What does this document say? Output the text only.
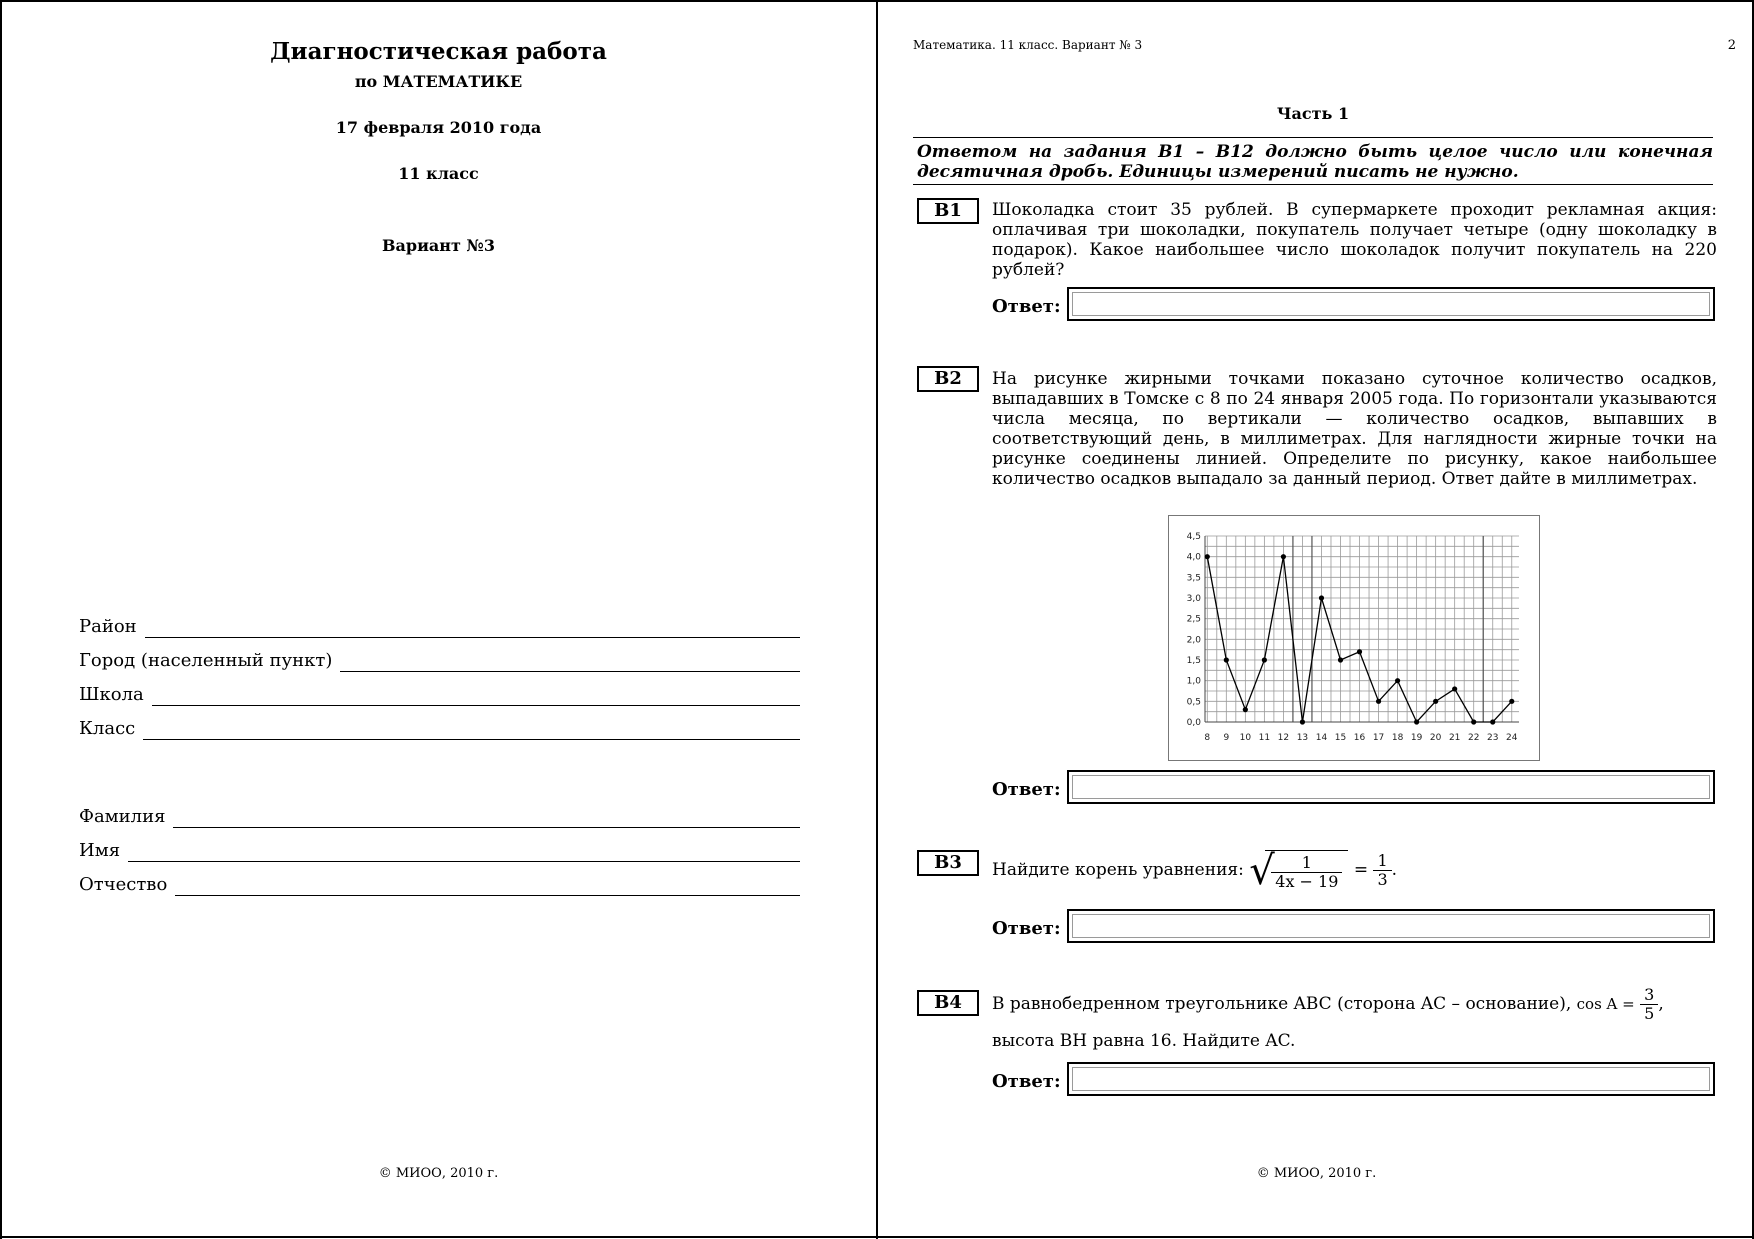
Диагностическая работа
по МАТЕМАТИКЕ
17 февраля 2010 года
11 класс
Вариант №3
Район
Город (населенный пункт)
Школа
Класс
Фамилия
Имя
Отчество
© МИОО, 2010 г.
Математика. 11 класс. Вариант № 3	2
Часть 1
Ответом на задания B1 – B12 должно быть целое число или конечная десятичная дробь. Единицы измерений писать не нужно.
B1	Шоколадка стоит 35 рублей. В супермаркете проходит рекламная акция: оплачивая три шоколадки, покупатель получает четыре (одну шоколадку в подарок). Какое наибольшее число шоколадок получит покупатель на 220 рублей?
Ответ:
B2	На рисунке жирными точками показано суточное количество осадков, выпадавших в Томске с 8 по 24 января 2005 года. По горизонтали указываются числа месяца, по вертикали — количество осадков, выпавших в соответствующий день, в миллиметрах. Для наглядности жирные точки на рисунке соединены линией. Определите по рисунку, какое наибольшее количество осадков выпадало за данный период. Ответ дайте в миллиметрах.
0,0
0,5
1,0
1,5
2,0
2,5
3,0
3,5
4,0
4,5
8 9 10 11 12 13 14 15 16 17 18 19 20 21 22 23 24
Ответ:
B3	Найдите корень уравнения: √
$\frac{1}{4x - 19} = \frac{1}{3}$ .
Ответ:
B4	В равнобедренном треугольнике ABC (сторона AC – основание), $\cos A = \frac{3}{5}$ ,
высота BH равна 16. Найдите AC.
Ответ:
© МИОО, 2010 г.
